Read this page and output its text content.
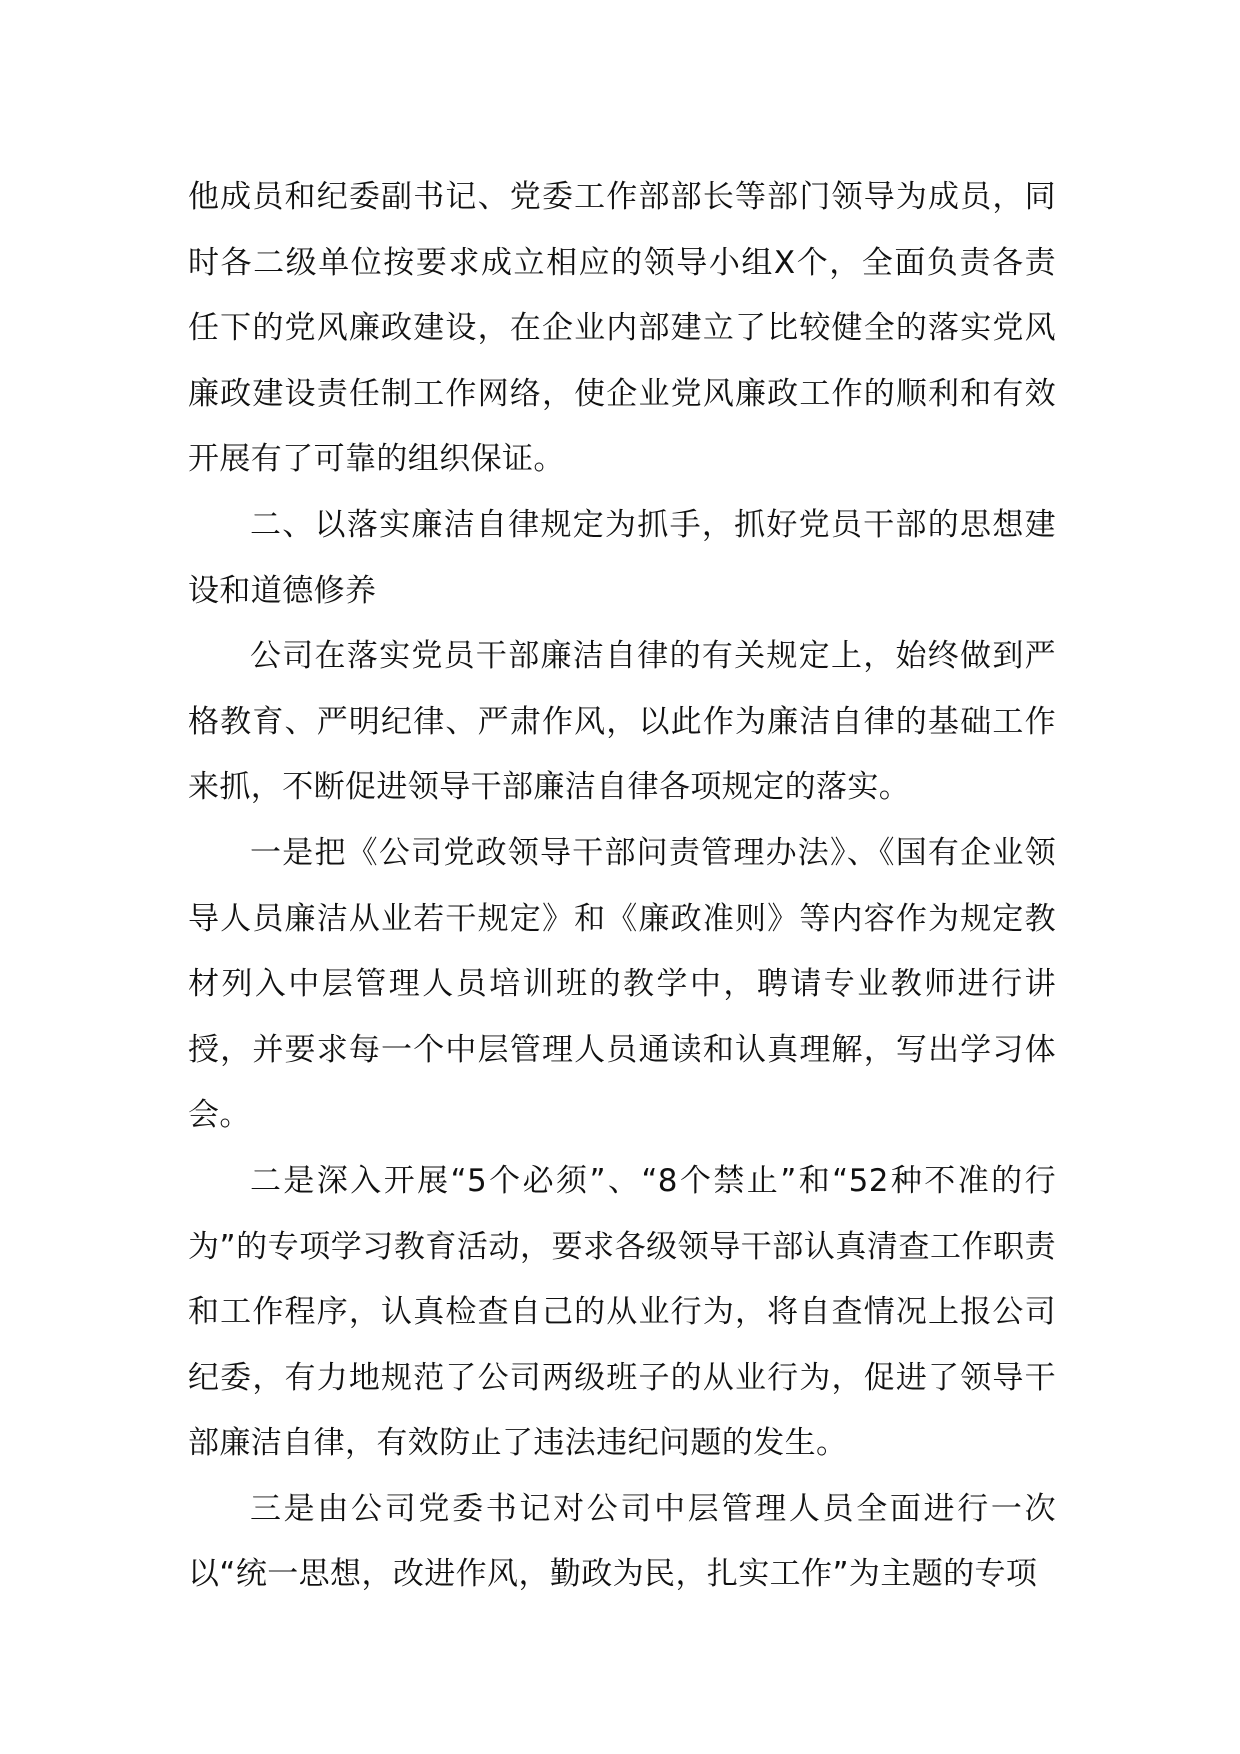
他成员和纪委副书记、党委工作部部长等部门领导为成员，同时各二级单位按要求成立相应的领导小组X个，全面负责各责任下的党风廉政建设，在企业内部建立了比较健全的落实党风廉政建设责任制工作网络，使企业党风廉政工作的顺利和有效开展有了可靠的组织保证。

二、以落实廉洁自律规定为抓手，抓好党员干部的思想建设和道德修养

公司在落实党员干部廉洁自律的有关规定上，始终做到严格教育、严明纪律、严肃作风，以此作为廉洁自律的基础工作来抓，不断促进领导干部廉洁自律各项规定的落实。

一是把《公司党政领导干部问责管理办法》、《国有企业领导人员廉洁从业若干规定》和《廉政准则》等内容作为规定教材列入中层管理人员培训班的教学中，聘请专业教师进行讲授，并要求每一个中层管理人员通读和认真理解，写出学习体会。

二是深入开展“5个必须”、“8个禁止”和“52种不准的行为”的专项学习教育活动，要求各级领导干部认真清查工作职责和工作程序，认真检查自己的从业行为，将自查情况上报公司纪委，有力地规范了公司两级班子的从业行为，促进了领导干部廉洁自律，有效防止了违法违纪问题的发生。

三是由公司党委书记对公司中层管理人员全面进行一次以“统一思想，改进作风，勤政为民，扎实工作”为主题的专项
